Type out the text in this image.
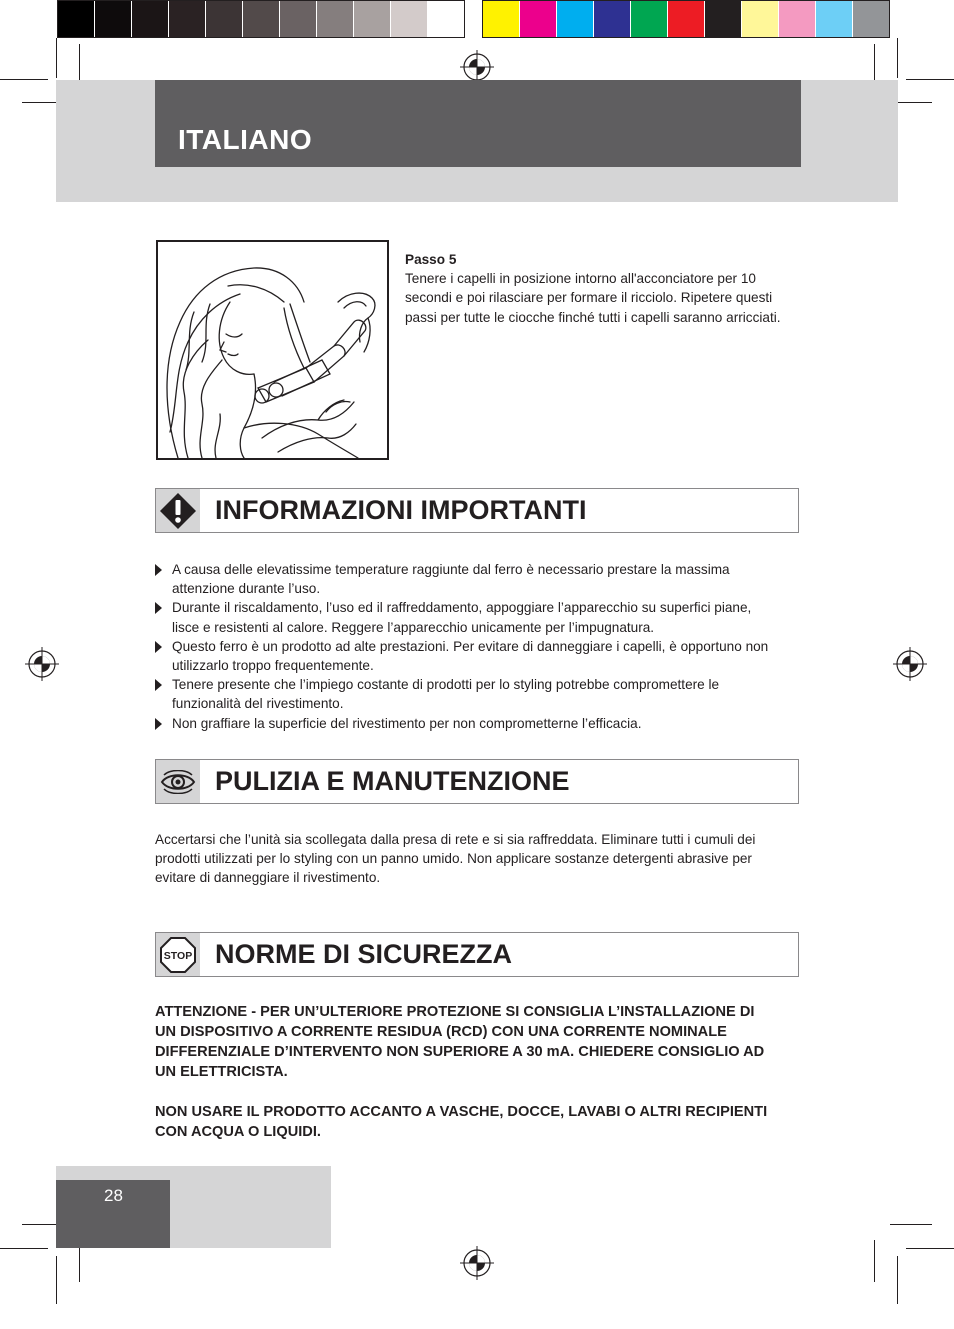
ITALIANO
Passo 5
Tenere i capelli in posizione intorno all'acconciatore per 10 secondi e poi rilasciare per formare il ricciolo. Ripetere questi passi per tutte le ciocche finché tutti i capelli saranno arricciati.
INFORMAZIONI IMPORTANTI
A causa delle elevatissime temperature raggiunte dal ferro è necessario prestare la massima attenzione durante l’uso.
Durante il riscaldamento, l’uso ed il raffreddamento, appoggiare l’apparecchio su superfici piane, lisce e resistenti al calore. Reggere l’apparecchio unicamente per l’impugnatura.
Questo ferro è un prodotto ad alte prestazioni. Per evitare di danneggiare i capelli, è opportuno non utilizzarlo troppo frequentemente.
Tenere presente che l’impiego costante di prodotti per lo styling potrebbe compromettere le funzionalità del rivestimento.
Non graffiare la superficie del rivestimento per non comprometterne l’efficacia.
PULIZIA E MANUTENZIONE

Accertarsi che l’unità sia scollegata dalla presa di rete e si sia raffreddata. Eliminare tutti i cumuli dei prodotti utilizzati per lo styling con un panno umido. Non applicare sostanze detergenti abrasive per evitare di danneggiare il rivestimento.

STOP NORME DI SICUREZZA

ATTENZIONE - PER UN’ULTERIORE PROTEZIONE SI CONSIGLIA L’INSTALLAZIONE DI UN DISPOSITIVO A CORRENTE RESIDUA (RCD) CON UNA CORRENTE NOMINALE DIFFERENZIALE D’INTERVENTO NON SUPERIORE A 30 mA. CHIEDERE CONSIGLIO AD UN ELETTRICISTA.

NON USARE IL PRODOTTO ACCANTO A VASCHE, DOCCE, LAVABI O ALTRI RECIPIENTI CON ACQUA O LIQUIDI.

28
